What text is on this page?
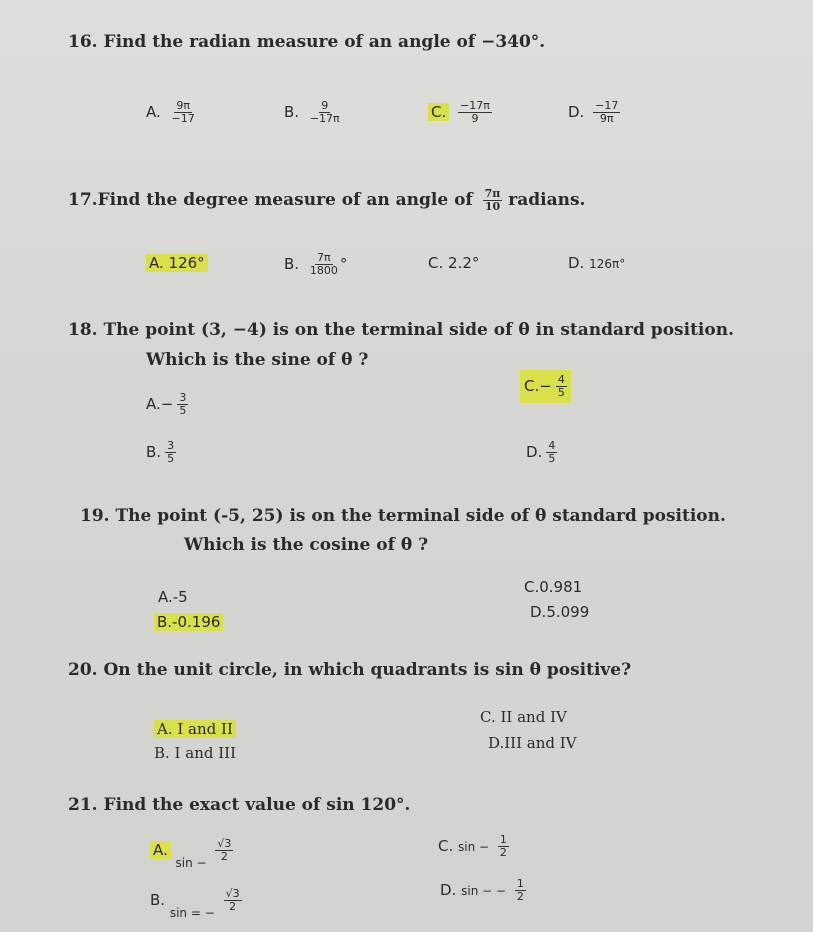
16. Find the radian measure of an angle of −340°.
A. $\frac{9\pi}{-17}$	B. $\frac{9}{-17\pi}$	C. $\frac{-17\pi}{9}$	D. $\frac{-17}{9\pi}$
17.Find the degree measure of an angle of $\frac{7\pi}{10}$ radians.
A. 126°	B. $\frac{7\pi}{1800}$ °	C. 2.2°	D. 126π°
18. The point (3, −4) is on the terminal side of θ in standard position.
Which is the sine of θ ?
$A.- \frac{3}{5}$
B. $\frac{3}{5}$
$C.- \frac{4}{5}$
D. $\frac{4}{5}$
19. The point (-5, 25) is on the terminal side of θ standard position.
Which is the cosine of θ ?
A.-5
B.-0.196
C.0.981
D.5.099
20. On the unit circle, in which quadrants is sin θ positive?
A. I and II
B. I and III
C. II and IV
D.III and IV
21. Find the exact value of sin 120°.
A. $_{sin -} \frac{√3}{2}$
B. $_{sin = -} \frac{√3}{2}$
C. $\sin - \frac{1}{2}$
D. sin − − $\frac{1}{2}$
